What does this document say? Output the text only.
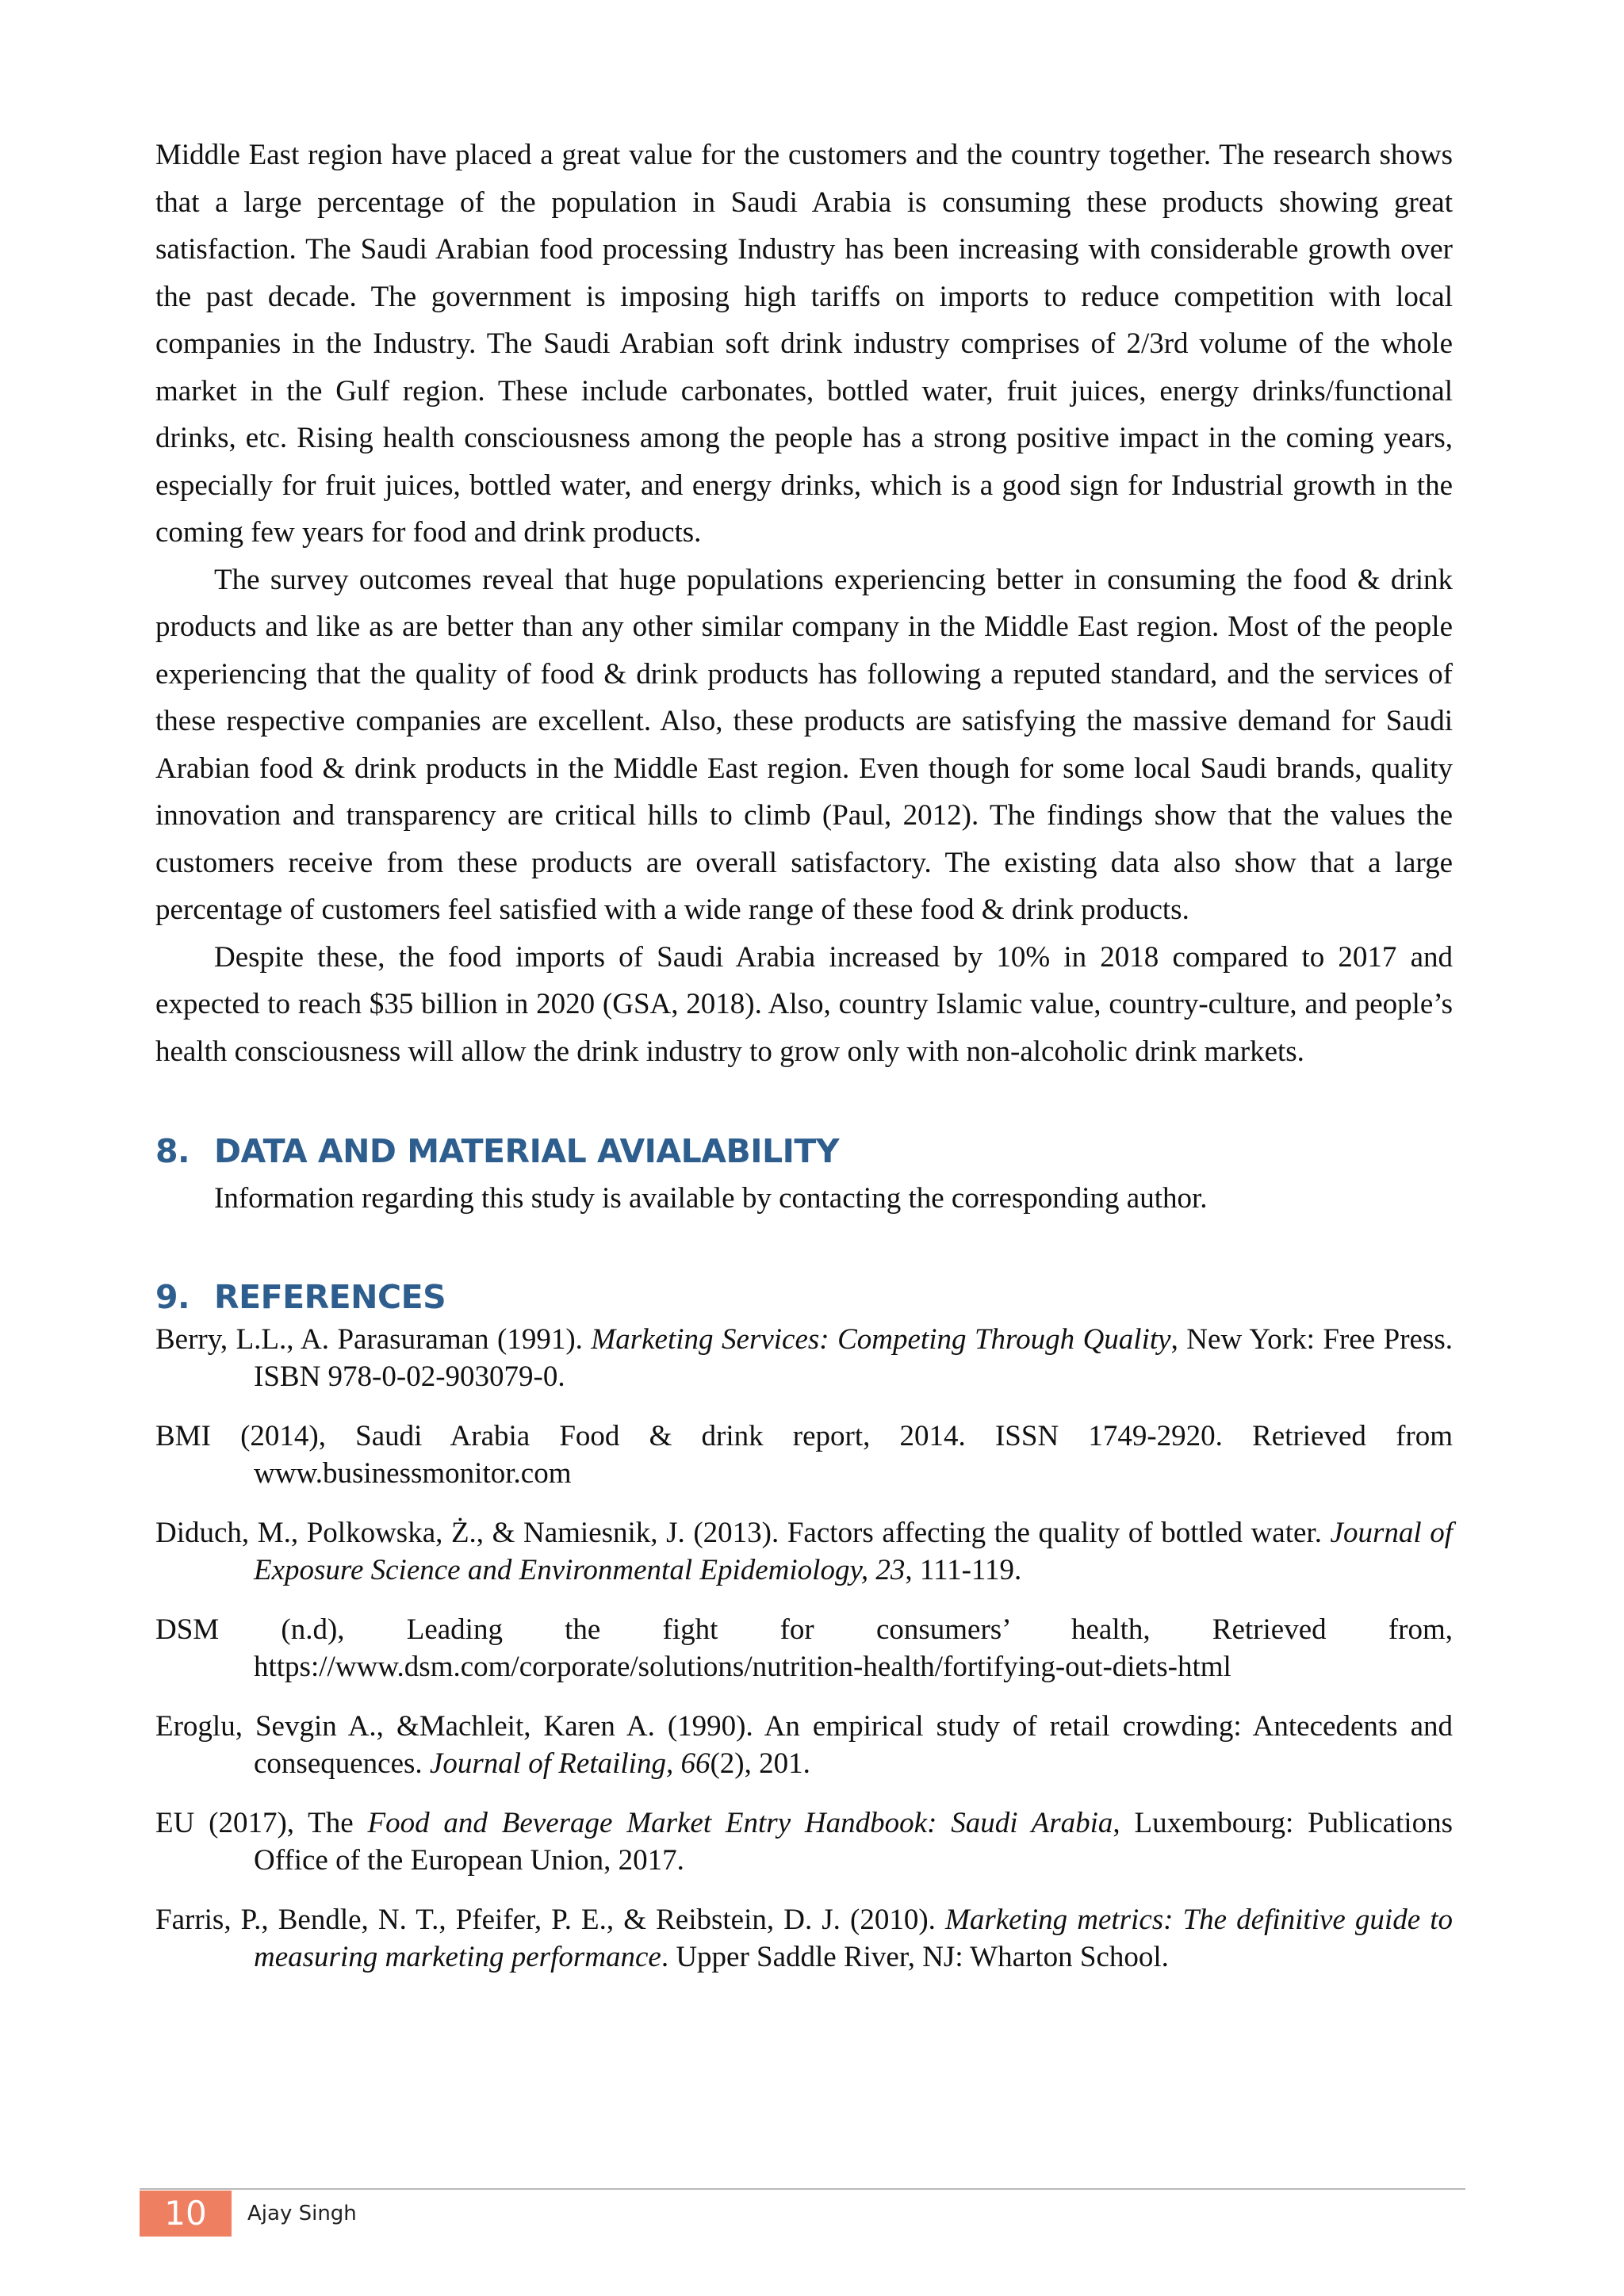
Middle East region have placed a great value for the customers and the country together. The research shows that a large percentage of the population in Saudi Arabia is consuming these products showing great satisfaction. The Saudi Arabian food processing Industry has been increasing with considerable growth over the past decade. The government is imposing high tariffs on imports to reduce competition with local companies in the Industry. The Saudi Arabian soft drink industry comprises of 2/3rd volume of the whole market in the Gulf region. These include carbonates, bottled water, fruit juices, energy drinks/functional drinks, etc. Rising health consciousness among the people has a strong positive impact in the coming years, especially for fruit juices, bottled water, and energy drinks, which is a good sign for Industrial growth in the coming few years for food and drink products.

The survey outcomes reveal that huge populations experiencing better in consuming the food & drink products and like as are better than any other similar company in the Middle East region. Most of the people experiencing that the quality of food & drink products has following a reputed standard, and the services of these respective companies are excellent. Also, these products are satisfying the massive demand for Saudi Arabian food & drink products in the Middle East region. Even though for some local Saudi brands, quality innovation and transparency are critical hills to climb (Paul, 2012). The findings show that the values the customers receive from these products are overall satisfactory. The existing data also show that a large percentage of customers feel satisfied with a wide range of these food & drink products.

Despite these, the food imports of Saudi Arabia increased by 10% in 2018 compared to 2017 and expected to reach $35 billion in 2020 (GSA, 2018). Also, country Islamic value, country-culture, and people’s health consciousness will allow the drink industry to grow only with non-alcoholic drink markets.

8. DATA AND MATERIAL AVIALABILITY

Information regarding this study is available by contacting the corresponding author.

9. REFERENCES

Berry, L.L., A. Parasuraman (1991). Marketing Services: Competing Through Quality, New York: Free Press. ISBN 978-0-02-903079-0.

BMI (2014), Saudi Arabia Food & drink report, 2014. ISSN 1749-2920. Retrieved from www.businessmonitor.com

Diduch, M., Polkowska, Ż., & Namiesnik, J. (2013). Factors affecting the quality of bottled water. Journal of Exposure Science and Environmental Epidemiology, 23, 111-119.

DSM (n.d), Leading the fight for consumers’ health, Retrieved from, https://www.dsm.com/corporate/solutions/nutrition-health/fortifying-out-diets-html

Eroglu, Sevgin A., &Machleit, Karen A. (1990). An empirical study of retail crowding: Antecedents and consequences. Journal of Retailing, 66(2), 201.

EU (2017), The Food and Beverage Market Entry Handbook: Saudi Arabia, Luxembourg: Publications Office of the European Union, 2017.

Farris, P., Bendle, N. T., Pfeifer, P. E., & Reibstein, D. J. (2010). Marketing metrics: The definitive guide to measuring marketing performance. Upper Saddle River, NJ: Wharton School.

10	Ajay Singh
